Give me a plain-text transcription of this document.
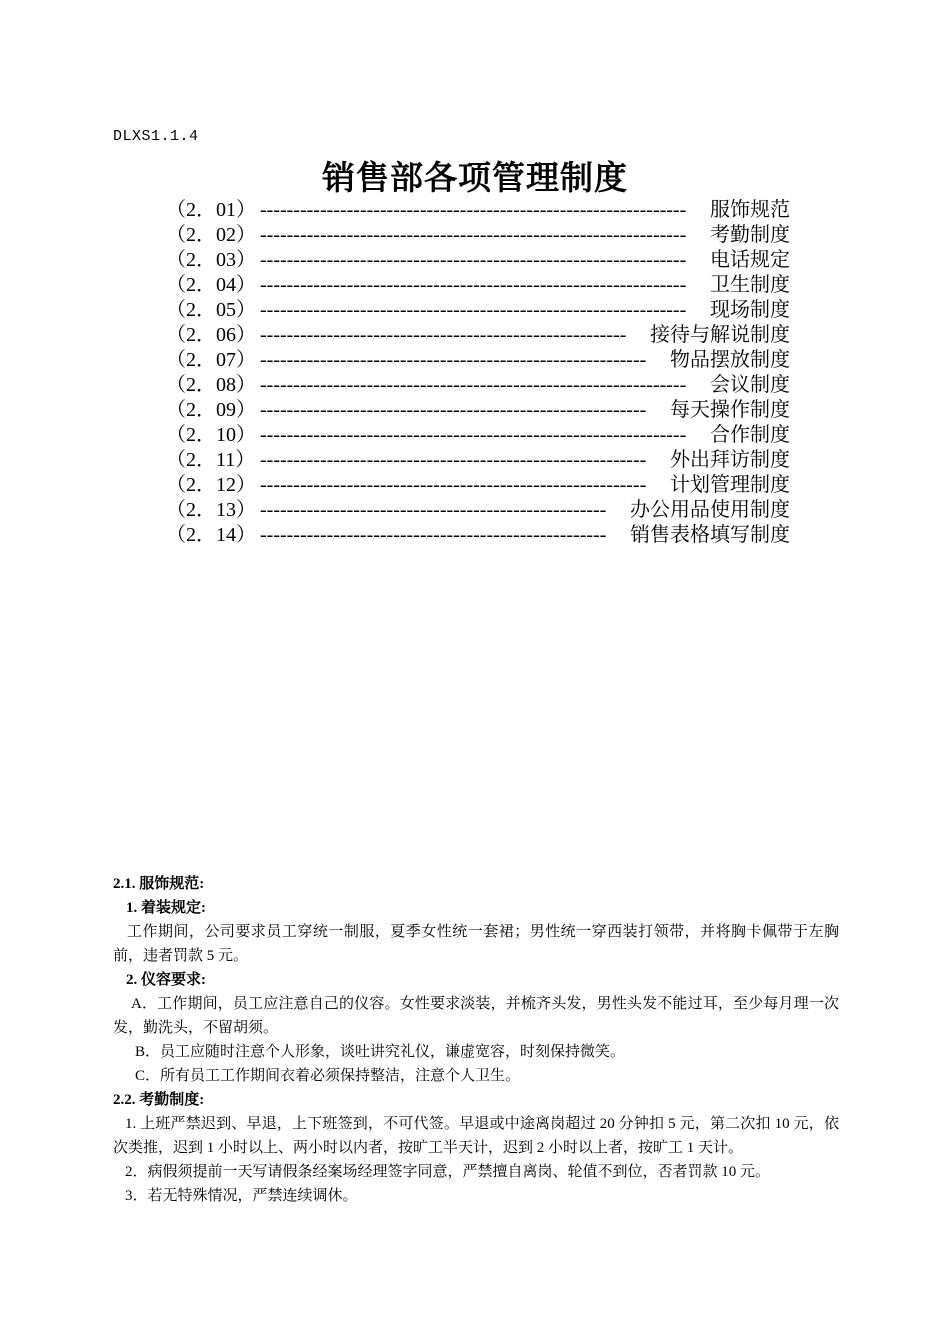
DLXS1.1.4
销售部各项管理制度
（2．01） ---------------------------------------------------------------- 服饰规范
（2．02） ---------------------------------------------------------------- 考勤制度
（2．03） ---------------------------------------------------------------- 电话规定
（2．04） ---------------------------------------------------------------- 卫生制度
（2．05） ---------------------------------------------------------------- 现场制度
（2．06） ------------------------------------------------------- 接待与解说制度
（2．07） ---------------------------------------------------------- 物品摆放制度
（2．08） ---------------------------------------------------------------- 会议制度
（2．09） ---------------------------------------------------------- 每天操作制度
（2．10） ---------------------------------------------------------------- 合作制度
（2．11） ---------------------------------------------------------- 外出拜访制度
（2．12） ---------------------------------------------------------- 计划管理制度
（2．13） ---------------------------------------------------- 办公用品使用制度
（2．14） ---------------------------------------------------- 销售表格填写制度
2.1. 服饰规范:
1. 着装规定:
工作期间，公司要求员工穿统一制服，夏季女性统一套裙；男性统一穿西装打领带，并将胸卡佩带于左胸前，违者罚款 5 元。
2. 仪容要求:
A．工作期间，员工应注意自己的仪容。女性要求淡装，并梳齐头发，男性头发不能过耳，至少每月理一次发，勤洗头，不留胡须。
B．员工应随时注意个人形象，谈吐讲究礼仪，谦虚宽容，时刻保持微笑。
C．所有员工工作期间衣着必须保持整洁，注意个人卫生。
2.2. 考勤制度:
1. 上班严禁迟到、早退，上下班签到，不可代签。早退或中途离岗超过 20 分钟扣 5 元，第二次扣 10 元，依次类推，迟到 1 小时以上、两小时以内者，按旷工半天计，迟到 2 小时以上者，按旷工 1 天计。
2．病假须提前一天写请假条经案场经理签字同意，严禁擅自离岗、轮值不到位，否者罚款 10 元。
3．若无特殊情况，严禁连续调休。
